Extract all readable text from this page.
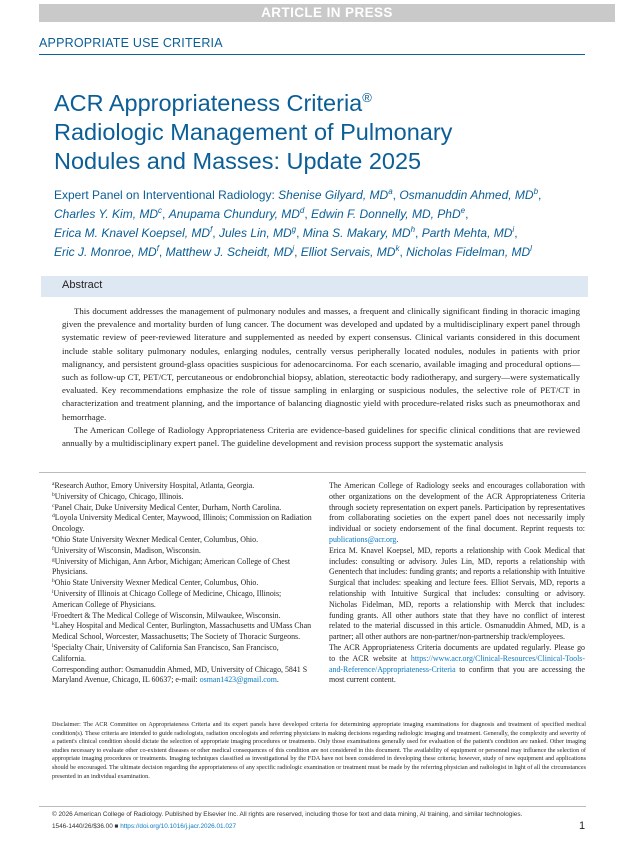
ARTICLE IN PRESS
APPROPRIATE USE CRITERIA
ACR Appropriateness Criteria®
Radiologic Management of Pulmonary
Nodules and Masses: Update 2025
Expert Panel on Interventional Radiology: Shenise Gilyard, $MD^a$, Osmanuddin Ahmed, $MD^b$,
Charles Y. Kim, $MD^c$, Anupama Chundury, $MD^d$, Edwin F. Donnelly, MD, PhD$^e$,
Erica M. Knavel Koepsel, $MD^f$, Jules Lin, $MD^g$, Mina S. Makary, $MD^h$, Parth Mehta, $MD^i$,
Eric J. Monroe, $MD^f$, Matthew J. Scheidt, $MD^j$, Elliot Servais, $MD^k$, Nicholas Fidelman, $MD^l$
Abstract

This document addresses the management of pulmonary nodules and masses, a frequent and clinically significant finding in thoracic imaging given the prevalence and mortality burden of lung cancer. The document was developed and updated by a multidisciplinary expert panel through systematic review of peer-reviewed literature and supplemented as needed by expert consensus. Clinical variants considered in this document include stable solitary pulmonary nodules, enlarging nodules, centrally versus peripherally located nodules, nodules in patients with prior malignancy, and persistent ground-glass opacities suspicious for adenocarcinoma. For each scenario, available imaging and procedural options—such as follow-up CT, PET/CT, percutaneous or endobronchial biopsy, ablation, stereotactic body radiotherapy, and surgery—were systematically evaluated. Key recommendations emphasize the role of tissue sampling in enlarging or suspicious nodules, the selective role of PET/CT in characterization and treatment planning, and the importance of balancing diagnostic yield with procedure-related risks such as pneumothorax and hemorrhage.

The American College of Radiology Appropriateness Criteria are evidence-based guidelines for specific clinical conditions that are reviewed annually by a multidisciplinary expert panel. The guideline development and revision process support the systematic analysis

$^a$Research Author, Emory University Hospital, Atlanta, Georgia.
$^b$University of Chicago, Chicago, Illinois.
$^c$Panel Chair, Duke University Medical Center, Durham, North Carolina.
$^d$Loyola University Medical Center, Maywood, Illinois; Commission on Radiation Oncology.
$^e$Ohio State University Wexner Medical Center, Columbus, Ohio.
$^f$University of Wisconsin, Madison, Wisconsin.
$^g$University of Michigan, Ann Arbor, Michigan; American College of Chest Physicians.
$^h$Ohio State University Wexner Medical Center, Columbus, Ohio.
$^i$University of Illinois at Chicago College of Medicine, Chicago, Illinois; American College of Physicians.
$^j$Froedtert & The Medical College of Wisconsin, Milwaukee, Wisconsin.
$^k$Lahey Hospital and Medical Center, Burlington, Massachusetts and UMass Chan Medical School, Worcester, Massachusetts; The Society of Thoracic Surgeons.
$^l$Specialty Chair, University of California San Francisco, San Francisco, California.
Corresponding author: Osmanuddin Ahmed, MD, University of Chicago, 5841 S Maryland Avenue, Chicago, IL 60637; e-mail: osman1423@gmail.com.
The American College of Radiology seeks and encourages collaboration with other organizations on the development of the ACR Appropriateness Criteria through society representation on expert panels. Participation by representatives from collaborating societies on the expert panel does not necessarily imply individual or society endorsement of the final document. Reprint requests to: publications@acr.org.
Erica M. Knavel Koepsel, MD, reports a relationship with Cook Medical that includes: consulting or advisory. Jules Lin, MD, reports a relationship with Genentech that includes: funding grants; and reports a relationship with Intuitive Surgical that includes: speaking and lecture fees. Elliot Servais, MD, reports a relationship with Intuitive Surgical that includes: consulting or advisory. Nicholas Fidelman, MD, reports a relationship with Merck that includes: funding grants. All other authors state that they have no conflict of interest related to the material discussed in this article. Osmanuddin Ahmed, MD, is a partner; all other authors are non-partner/non-partnership track/employees.
The ACR Appropriateness Criteria documents are updated regularly. Please go to the ACR website at https://www.acr.org/Clinical-Resources/Clinical-Tools-and-Reference/Appropriateness-Criteria to confirm that you are accessing the most current content.
Disclaimer: The ACR Committee on Appropriateness Criteria and its expert panels have developed criteria for determining appropriate imaging examinations for diagnosis and treatment of specified medical condition(s). These criteria are intended to guide radiologists, radiation oncologists and referring physicians in making decisions regarding radiologic imaging and treatment. Generally, the complexity and severity of a patient's clinical condition should dictate the selection of appropriate imaging procedures or treatments. Only those examinations generally used for evaluation of the patient's condition are ranked. Other imaging studies necessary to evaluate other co-existent diseases or other medical consequences of this condition are not considered in this document. The availability of equipment or personnel may influence the selection of appropriate imaging procedures or treatments. Imaging techniques classified as investigational by the FDA have not been considered in developing these criteria; however, study of new equipment and applications should be encouraged. The ultimate decision regarding the appropriateness of any specific radiologic examination or treatment must be made by the referring physician and radiologist in light of all the circumstances presented in an individual examination.
© 2026 American College of Radiology. Published by Elsevier Inc. All rights are reserved, including those for text and data mining, AI training, and similar technologies.
1546-1440/26/$36.00 ■ https://doi.org/10.1016/j.jacr.2026.01.027	1
